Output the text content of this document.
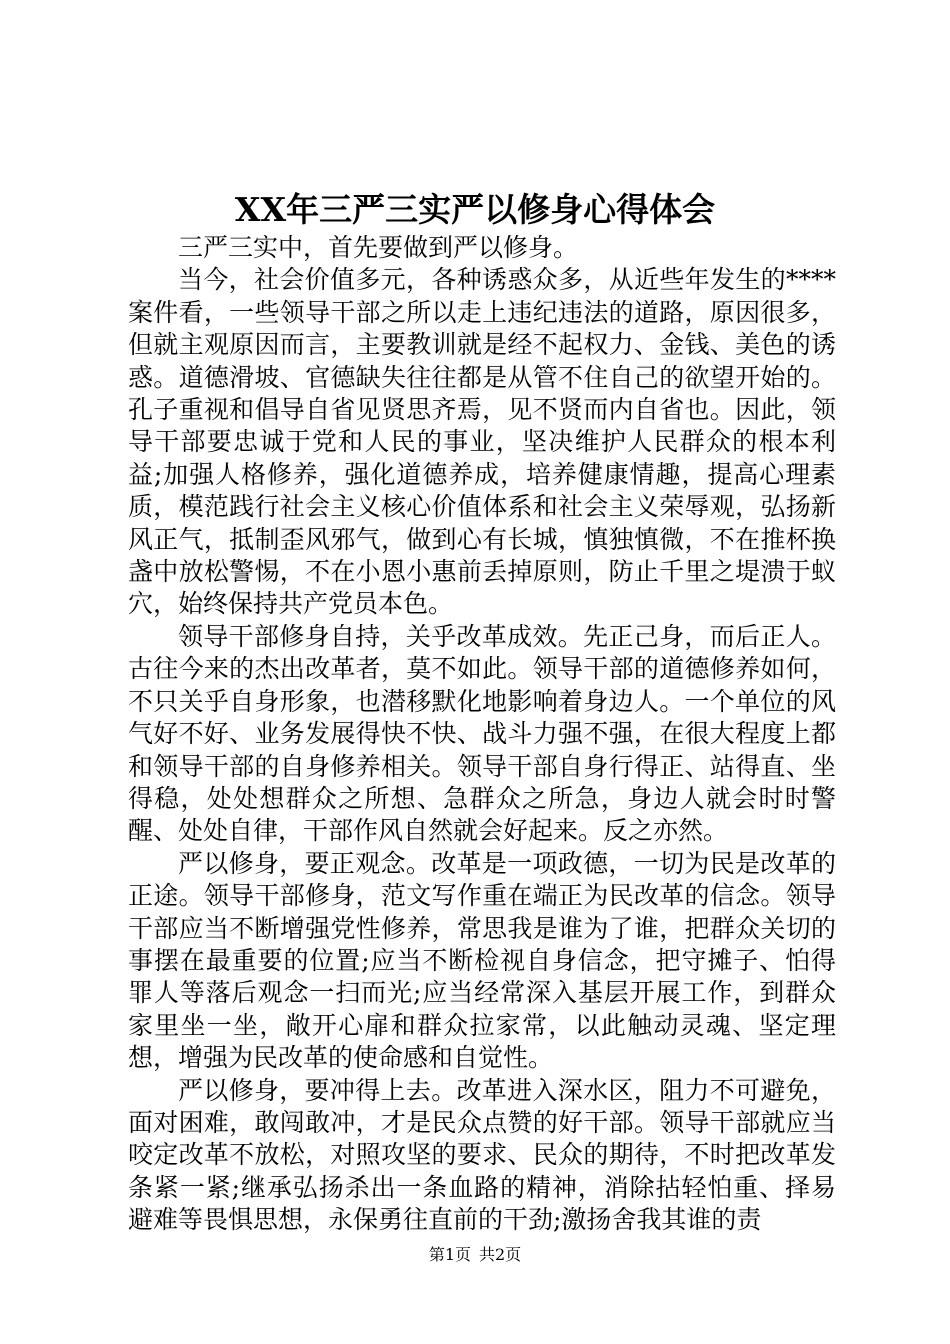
XX年三严三实严以修身心得体会

三严三实中，首先要做到严以修身。

当今，社会价值多元，各种诱惑众多，从近些年发生的****案件看，一些领导干部之所以走上违纪违法的道路，原因很多，但就主观原因而言，主要教训就是经不起权力、金钱、美色的诱惑。道德滑坡、官德缺失往往都是从管不住自己的欲望开始的。孔子重视和倡导自省见贤思齐焉，见不贤而内自省也。因此，领导干部要忠诚于党和人民的事业，坚决维护人民群众的根本利益;加强人格修养，强化道德养成，培养健康情趣，提高心理素质，模范践行社会主义核心价值体系和社会主义荣辱观，弘扬新风正气，抵制歪风邪气，做到心有长城，慎独慎微，不在推杯换盏中放松警惕，不在小恩小惠前丢掉原则，防止千里之堤溃于蚁穴，始终保持共产党员本色。

领导干部修身自持，关乎改革成效。先正己身，而后正人。古往今来的杰出改革者，莫不如此。领导干部的道德修养如何，不只关乎自身形象，也潜移默化地影响着身边人。一个单位的风气好不好、业务发展得快不快、战斗力强不强，在很大程度上都和领导干部的自身修养相关。领导干部自身行得正、站得直、坐得稳，处处想群众之所想、急群众之所急，身边人就会时时警醒、处处自律，干部作风自然就会好起来。反之亦然。

严以修身，要正观念。改革是一项政德，一切为民是改革的正途。领导干部修身，范文写作重在端正为民改革的信念。领导干部应当不断增强党性修养，常思我是谁为了谁，把群众关切的事摆在最重要的位置;应当不断检视自身信念，把守摊子、怕得罪人等落后观念一扫而光;应当经常深入基层开展工作，到群众家里坐一坐，敞开心扉和群众拉家常，以此触动灵魂、坚定理想，增强为民改革的使命感和自觉性。

严以修身，要冲得上去。改革进入深水区，阻力不可避免，面对困难，敢闯敢冲，才是民众点赞的好干部。领导干部就应当咬定改革不放松，对照攻坚的要求、民众的期待，不时把改革发条紧一紧;继承弘扬杀出一条血路的精神，消除拈轻怕重、择易避难等畏惧思想，永保勇往直前的干劲;激扬舍我其谁的责

第1页 共2页
